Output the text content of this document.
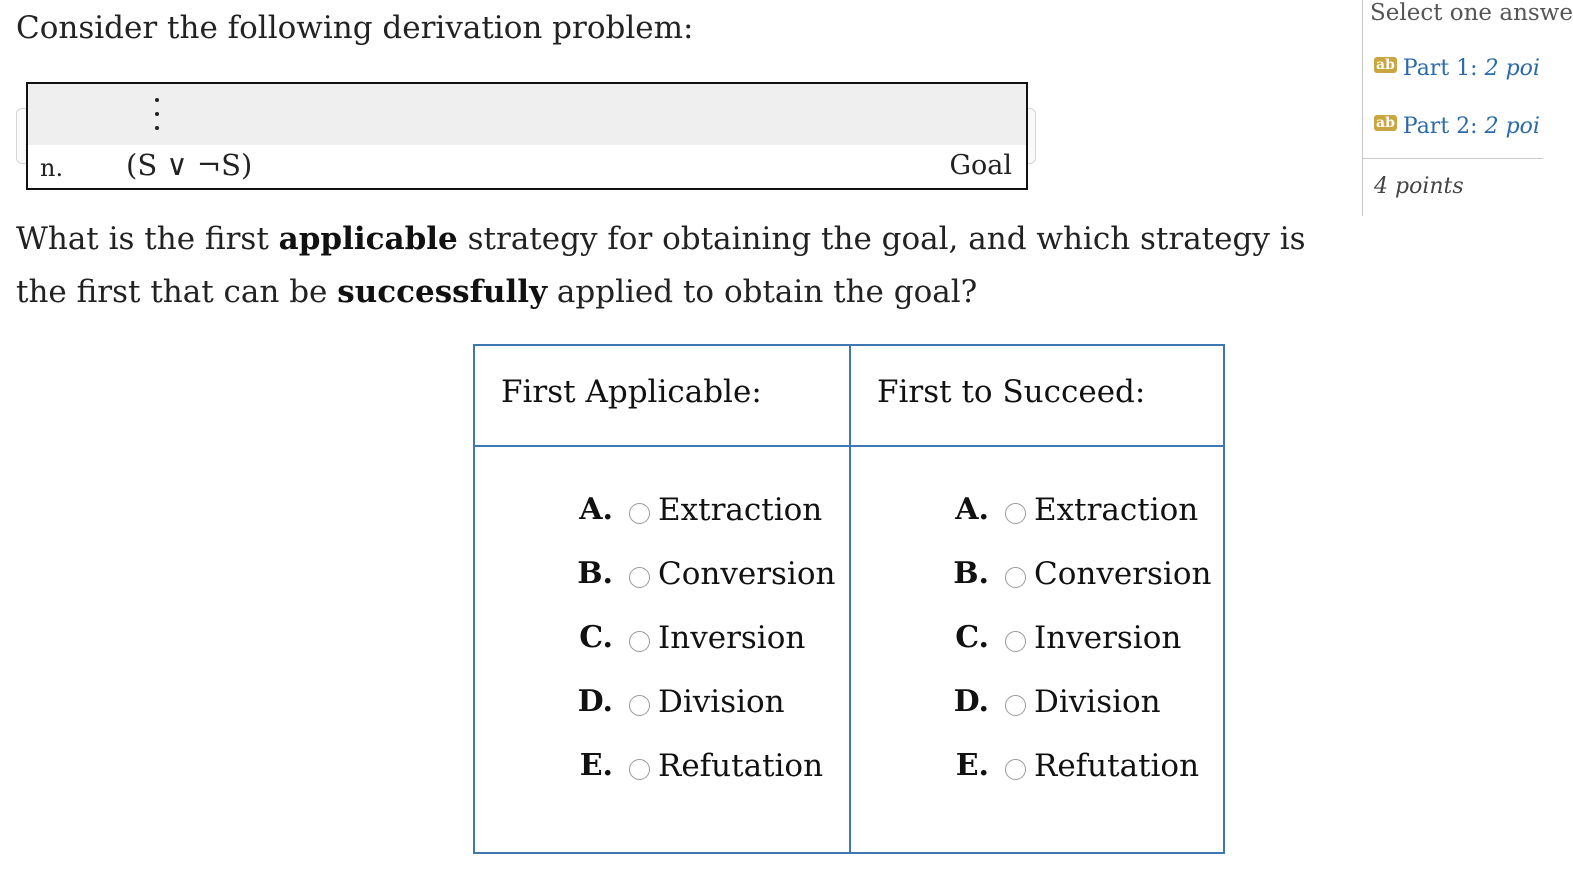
Consider the following derivation problem:
n. (S ∨ ¬S)	Goal
What is the first applicable strategy for obtaining the goal, and which strategy is the first that can be successfully applied to obtain the goal?
First Applicable:	First to Succeed:
A. Extraction
B. Conversion
C. Inversion
D. Division
E. Refutation
A. Extraction
B. Conversion
C. Inversion
D. Division
E. Refutation
Select one answe
ab Part 1: 2 poi
ab Part 2: 2 poi
4 points
